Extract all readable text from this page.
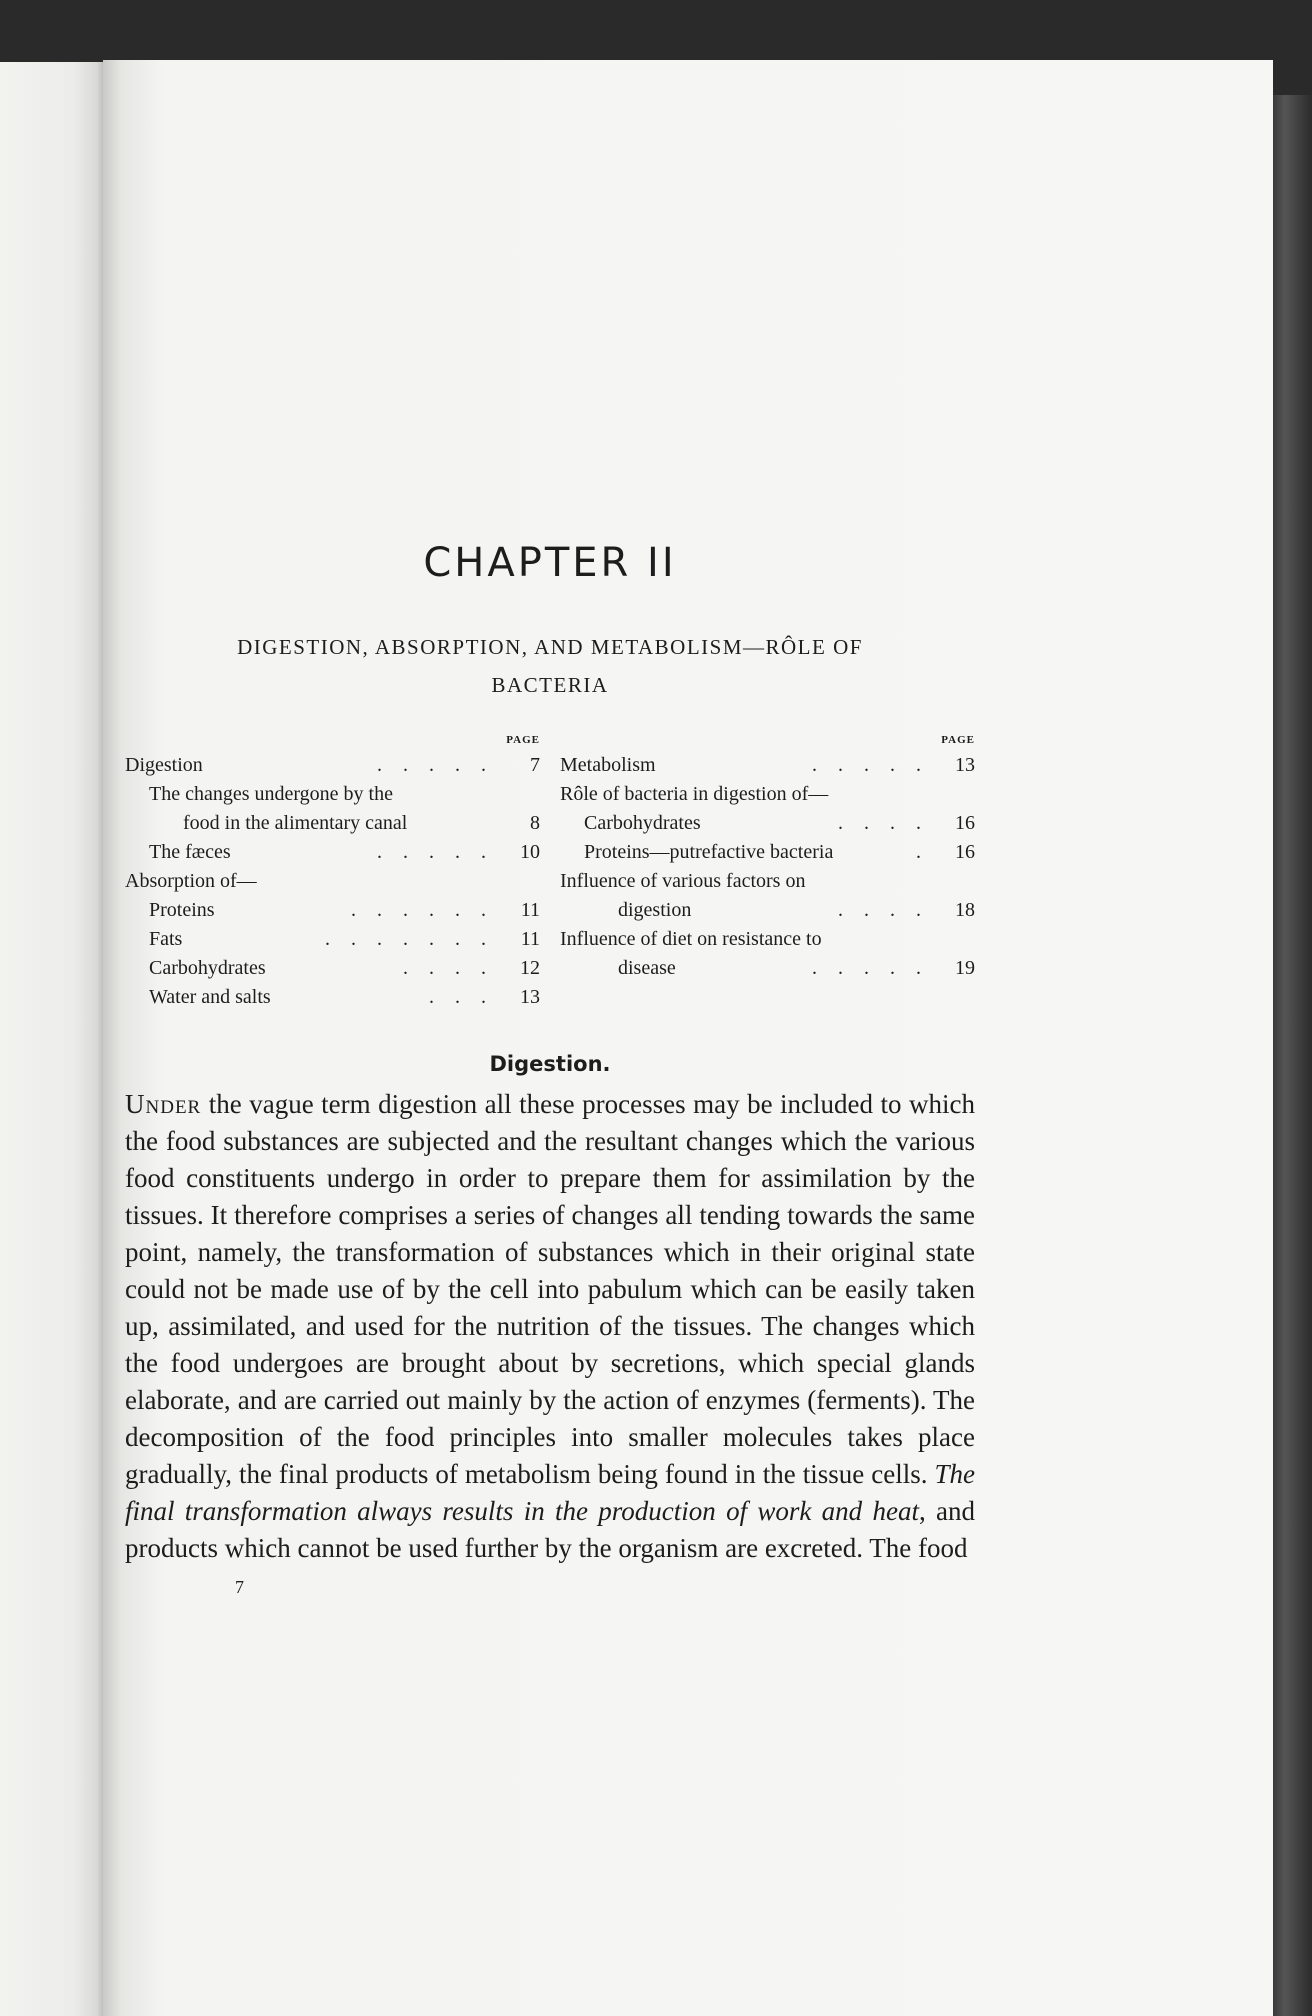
CHAPTER II
DIGESTION, ABSORPTION, AND METABOLISM—RÔLE OF
BACTERIA
PAGE
Digestion	. . . . .	7
The changes undergone by the
food in the alimentary canal	8
The fæces	. . . . .	10
Absorption of—
Proteins	. . . . . .	11
Fats	. . . . . . .	11
Carbohydrates	. . . .	12
Water and salts	. . .	13
PAGE
Metabolism	. . . . .	13
Rôle of bacteria in digestion of—
Carbohydrates	. . . .	16
Proteins—putrefactive bacteria	.	16
Influence of various factors on
digestion	. . . .	18
Influence of diet on resistance to
disease	. . . . .	19
Digestion.

Under the vague term digestion all these processes may be included to which the food substances are subjected and the resultant changes which the various food constituents undergo in order to prepare them for assimilation by the tissues. It therefore comprises a series of changes all tending towards the same point, namely, the transformation of substances which in their original state could not be made use of by the cell into pabulum which can be easily taken up, assimilated, and used for the nutrition of the tissues. The changes which the food undergoes are brought about by secretions, which special glands elaborate, and are carried out mainly by the action of enzymes (ferments). The decomposition of the food principles into smaller molecules takes place gradually, the final products of metabolism being found in the tissue cells. The final transformation always results in the production of work and heat, and products which cannot be used further by the organism are excreted. The food

7
